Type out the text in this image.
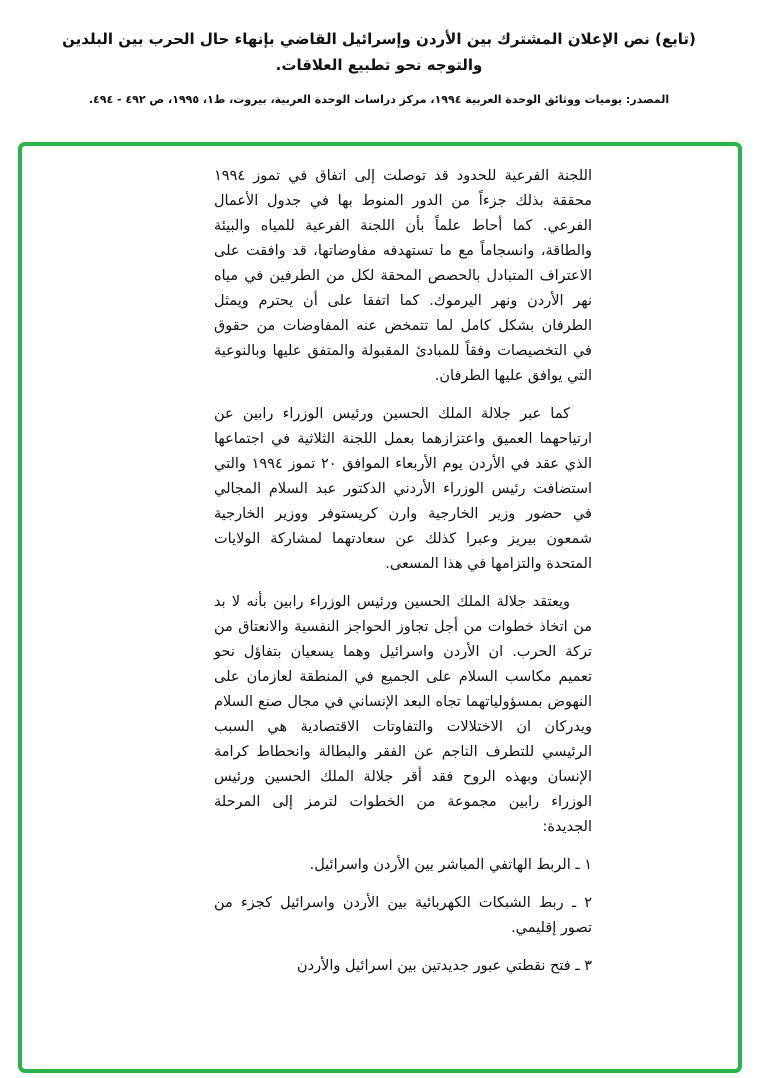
(تابع) نص الإعلان المشترك بين الأردن وإسرائيل القاضي بإنهاء حال الحرب بين البلدين والتوجه نحو تطبيع العلاقات.
المصدر: يوميات ووثائق الوحدة العربية ١٩٩٤، مركز دراسات الوحدة العربية، بيروت، ط١، ١٩٩٥، ص ٤٩٢ - ٤٩٤.

اللجنة الفرعية للحدود قد توصلت إلى اتفاق في تموز ١٩٩٤ محققة بذلك جزءاً من الدور المنوط بها في جدول الأعمال الفرعي. كما أحاط علماً بأن اللجنة الفرعية للمياه والبيئة والطاقة، وانسجاماً مع ما تستهدفه مفاوضاتها، قد وافقت على الاعتراف المتبادل بالحصص المحقة لكل من الطرفين في مياه نهر الأردن ونهر اليرموك. كما اتفقا على أن يحترم ويمثل الطرفان بشكل كامل لما تتمخض عنه المفاوضات من حقوق في التخصيصات وفقاً للمبادئ المقبولة والمتفق عليها وبالنوعية التي يوافق عليها الطرفان.

كما عبر جلالة الملك الحسين ورئيس الوزراء رابين عن ارتياحهما العميق واعتزازهما بعمل اللجنة الثلاثية في اجتماعها الذي عقد في الأردن يوم الأربعاء الموافق ٢٠ تموز ١٩٩٤ والتي استضافت رئيس الوزراء الأردني الدكتور عبد السلام المجالي في حضور وزير الخارجية وارن كريستوفر ووزير الخارجية شمعون بيريز وعبرا كذلك عن سعادتهما لمشاركة الولايات المتحدة والتزامها في هذا المسعى.

ويعتقد جلالة الملك الحسين ورئيس الوزراء رابين بأنه لا بد من اتخاذ خطوات من أجل تجاوز الحواجز النفسية والانعتاق من تركة الحرب. ان الأردن واسرائيل وهما يسعيان بتفاؤل نحو تعميم مكاسب السلام على الجميع في المنطقة لعازمان على النهوض بمسؤولياتهما تجاه البعد الإنساني في مجال صنع السلام ويدركان ان الاختلالات والتفاوتات الاقتصادية هي السبب الرئيسي للتطرف الناجم عن الفقر والبطالة وانحطاط كرامة الإنسان وبهذه الروح فقد أقر جلالة الملك الحسين ورئيس الوزراء رابين مجموعة من الخطوات لترمز إلى المرحلة الجديدة:

١ ـ الربط الهاتفي المباشر بين الأردن واسرائيل.
٢ ـ ربط الشبكات الكهربائية بين الأردن واسرائيل كجزء من تصور إقليمي.
٣ ـ فتح نقطتي عبور جديدتين بين اسرائيل والأردن
